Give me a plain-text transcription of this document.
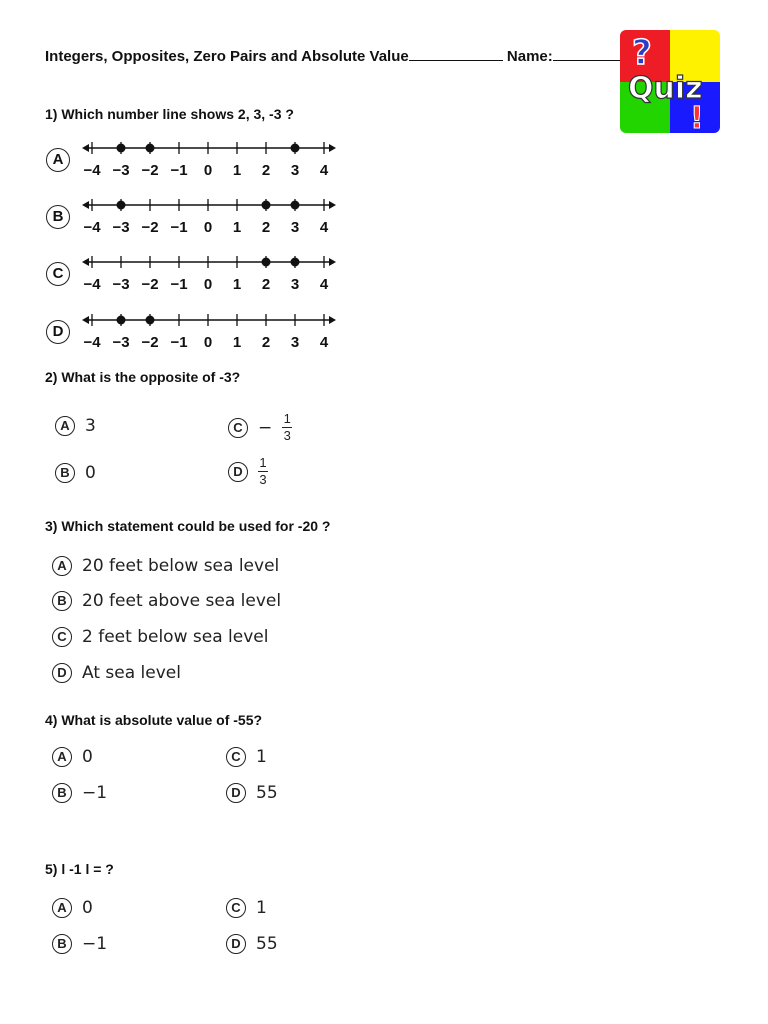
Integers, Opposites, Zero Pairs and Absolute Value	Name:	?
Quiz
!
1) Which number line shows 2, 3, -3 ?
A
−4 −3 −2 −1 0 1 2 3 4
B
−4 −3 −2 −1 0 1 2 3 4
C
−4 −3 −2 −1 0 1 2 3 4
D
−4 −3 −2 −1 0 1 2 3 4
2) What is the opposite of -3?
A 3	$C - \frac{1}{3}$
B 0	D	$\frac{1}{3}$
3) Which statement could be used for -20 ?
A 20 feet below sea level
B 20 feet above sea level
C 2 feet below sea level
D At sea level
4) What is absolute value of -55?
A 0	C 1
B −1	D 55
5) l -1 l = ?
A 0	C 1
B −1	D 55
